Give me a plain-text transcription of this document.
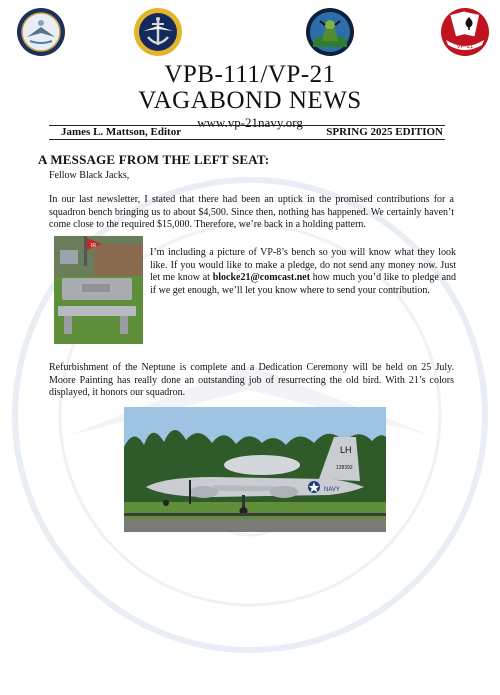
VP-21
VPB-111/VP-21
VAGABOND NEWS
www.vp-21navy.org
James L. Mattson, Editor	SPRING 2025 EDITION
A MESSAGE FROM THE LEFT SEAT:
Fellow Black Jacks,
In our last newsletter, I stated that there had been an uptick in the promised contributions for a squadron bench bringing us to about $4,500. Since then, nothing has happened. We certainly haven’t come close to the required $15,000. Therefore, we’re back in a holding pattern.
IR
I’m including a picture of VP-8’s bench so you will know what they look like. If you would like to make a pledge, do not send any money now. Just let me know at blocke21@comcast.net how much you’d like to pledge and if we get enough, we’ll let you know where to send your contribution.
Refurbishment of the Neptune is complete and a Dedication Ceremony will be held on 25 July. Moore Painting has really done an outstanding job of resurrecting the old bird. With 21’s colors displayed, it honors our squadron.
LH
128392
NAVY
